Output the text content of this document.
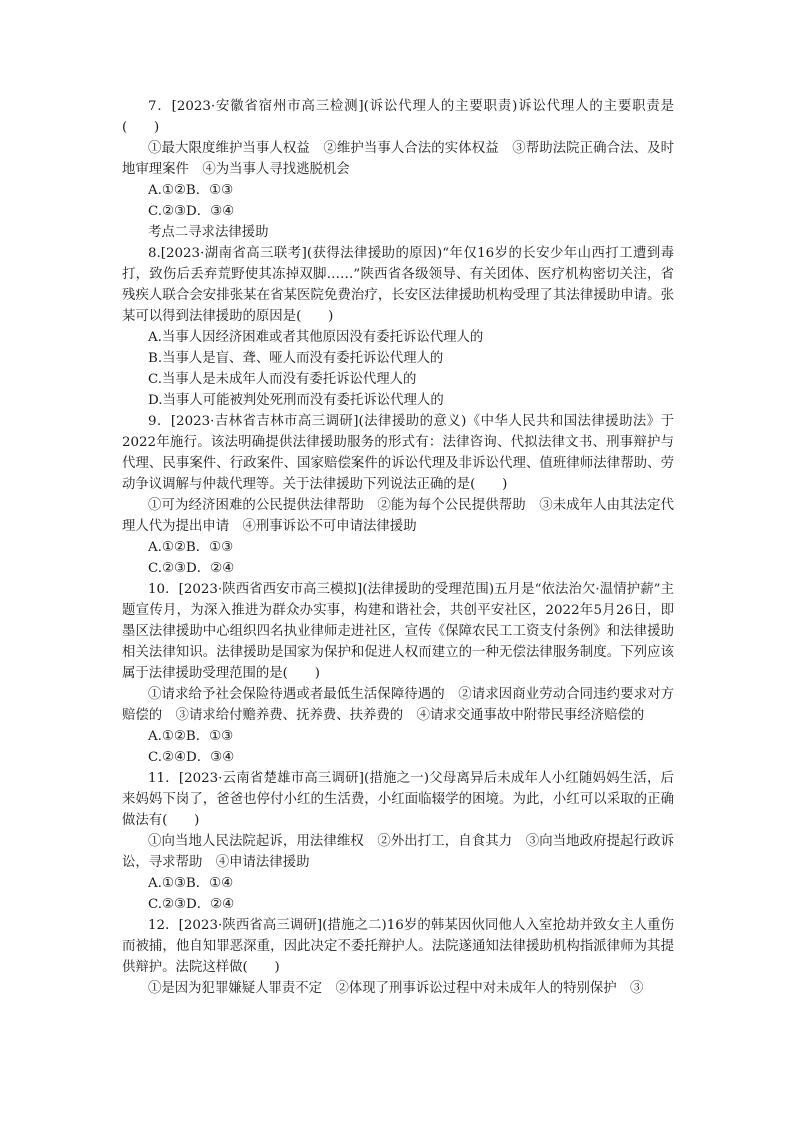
7．[2023·安徽省宿州市高三检测](诉讼代理人的主要职责)诉讼代理人的主要职责是(　　)

①最大限度维护当事人权益　②维护当事人合法的实体权益　③帮助法院正确合法、及时地审理案件　④为当事人寻找逃脱机会

A.①②B．①③

C.②③D．③④

考点二寻求法律援助

8.[2023·湖南省高三联考](获得法律援助的原因)“年仅16岁的长安少年山西打工遭到毒打，致伤后丢弃荒野使其冻掉双脚……”陕西省各级领导、有关团体、医疗机构密切关注，省残疾人联合会安排张某在省某医院免费治疗，长安区法律援助机构受理了其法律援助申请。张某可以得到法律援助的原因是(　　)

A.当事人因经济困难或者其他原因没有委托诉讼代理人的

B.当事人是盲、聋、哑人而没有委托诉讼代理人的

C.当事人是未成年人而没有委托诉讼代理人的

D.当事人可能被判处死刑而没有委托诉讼代理人的

9．[2023·吉林省吉林市高三调研](法律援助的意义)《中华人民共和国法律援助法》于2022年施行。该法明确提供法律援助服务的形式有：法律咨询、代拟法律文书、刑事辩护与代理、民事案件、行政案件、国家赔偿案件的诉讼代理及非诉讼代理、值班律师法律帮助、劳动争议调解与仲裁代理等。关于法律援助下列说法正确的是(　　)

①可为经济困难的公民提供法律帮助　②能为每个公民提供帮助　③未成年人由其法定代理人代为提出申请　④刑事诉讼不可申请法律援助

A.①②B．①③

C.②③D．②④

10．[2023·陕西省西安市高三模拟](法律援助的受理范围)五月是“依法治欠·温情护薪”主题宣传月，为深入推进为群众办实事，构建和谐社会，共创平安社区，2022年5月26日，即墨区法律援助中心组织四名执业律师走进社区，宣传《保障农民工工资支付条例》和法律援助相关法律知识。法律援助是国家为保护和促进人权而建立的一种无偿法律服务制度。下列应该属于法律援助受理范围的是(　　)

①请求给予社会保险待遇或者最低生活保障待遇的　②请求因商业劳动合同违约要求对方赔偿的　③请求给付赡养费、抚养费、扶养费的　④请求交通事故中附带民事经济赔偿的

A.①②B．①③

C.②④D．③④

11．[2023·云南省楚雄市高三调研](措施之一)父母离异后未成年人小红随妈妈生活，后来妈妈下岗了，爸爸也停付小红的生活费，小红面临辍学的困境。为此，小红可以采取的正确做法有(　　)

①向当地人民法院起诉，用法律维权　②外出打工，自食其力　③向当地政府提起行政诉讼，寻求帮助　④申请法律援助

A.①③B．①④

C.②③D．②④

12．[2023·陕西省高三调研](措施之二)16岁的韩某因伙同他人入室抢劫并致女主人重伤而被捕，他自知罪恶深重，因此决定不委托辩护人。法院遂通知法律援助机构指派律师为其提供辩护。法院这样做(　　)

①是因为犯罪嫌疑人罪责不定　②体现了刑事诉讼过程中对未成年人的特别保护　③
